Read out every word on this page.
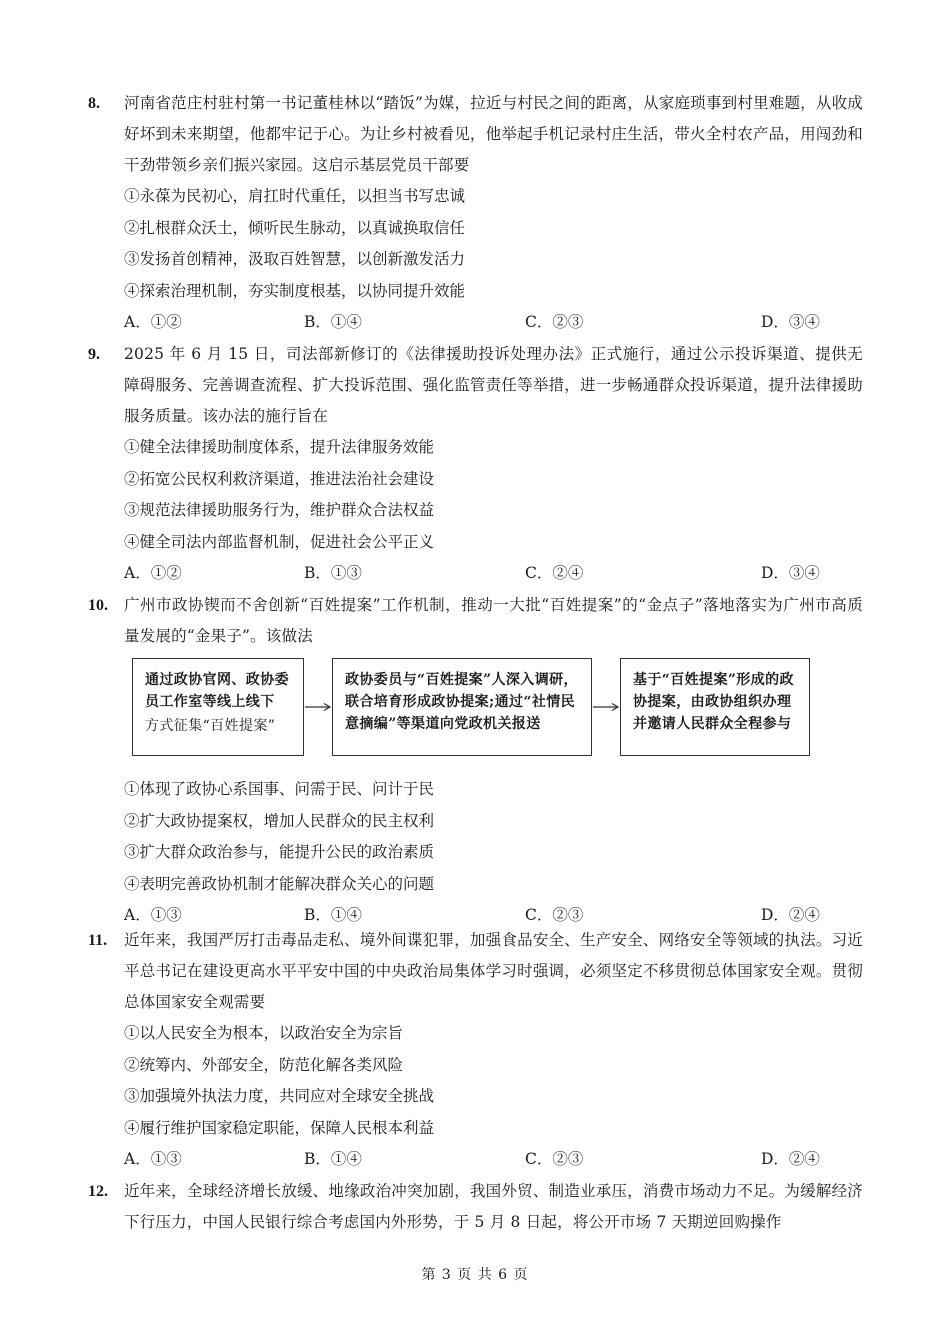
8. 河南省范庄村驻村第一书记董桂林以“踏饭”为媒，拉近与村民之间的距离，从家庭琐事到村里难题，从收成好坏到未来期望，他都牢记于心。为让乡村被看见，他举起手机记录村庄生活，带火全村农产品，用闯劲和干劲带领乡亲们振兴家园。这启示基层党员干部要
①永葆为民初心，肩扛时代重任，以担当书写忠诚
②扎根群众沃土，倾听民生脉动，以真诚换取信任
③发扬首创精神，汲取百姓智慧，以创新激发活力
④探索治理机制，夯实制度根基，以协同提升效能
A．①②	B．①④	C．②③	D．③④
9. 2025 年 6 月 15 日，司法部新修订的《法律援助投诉处理办法》正式施行，通过公示投诉渠道、提供无障碍服务、完善调查流程、扩大投诉范围、强化监管责任等举措，进一步畅通群众投诉渠道，提升法律援助服务质量。该办法的施行旨在
①健全法律援助制度体系，提升法律服务效能
②拓宽公民权利救济渠道，推进法治社会建设
③规范法律援助服务行为，维护群众合法权益
④健全司法内部监督机制，促进社会公平正义
A．①②	B．①③	C．②④	D．③④
10. 广州市政协锲而不舍创新“百姓提案”工作机制，推动一大批“百姓提案”的“金点子”落地落实为广州市高质量发展的“金果子”。该做法
通过政协官网、政协委员工作室等线上线下
方式征集“百姓提案”
政协委员与“百姓提案”人深入调研，联合培育形成政协提案;通过“社情民意摘编”等渠道向党政机关报送
基于“百姓提案”形成的政协提案，由政协组织办理并邀请人民群众全程参与
①体现了政协心系国事、问需于民、问计于民
②扩大政协提案权，增加人民群众的民主权利
③扩大群众政治参与，能提升公民的政治素质
④表明完善政协机制才能解决群众关心的问题
A．①③	B．①④	C．②③	D．②④
11. 近年来，我国严厉打击毒品走私、境外间谍犯罪，加强食品安全、生产安全、网络安全等领域的执法。习近平总书记在建设更高水平平安中国的中央政治局集体学习时强调，必须坚定不移贯彻总体国家安全观。贯彻总体国家安全观需要
①以人民安全为根本，以政治安全为宗旨
②统筹内、外部安全，防范化解各类风险
③加强境外执法力度，共同应对全球安全挑战
④履行维护国家稳定职能，保障人民根本利益
A．①③	B．①④	C．②③	D．②④
12. 近年来，全球经济增长放缓、地缘政治冲突加剧，我国外贸、制造业承压，消费市场动力不足。为缓解经济下行压力，中国人民银行综合考虑国内外形势，于 5 月 8 日起，将公开市场 7 天期逆回购操作
第 3 页 共 6 页
